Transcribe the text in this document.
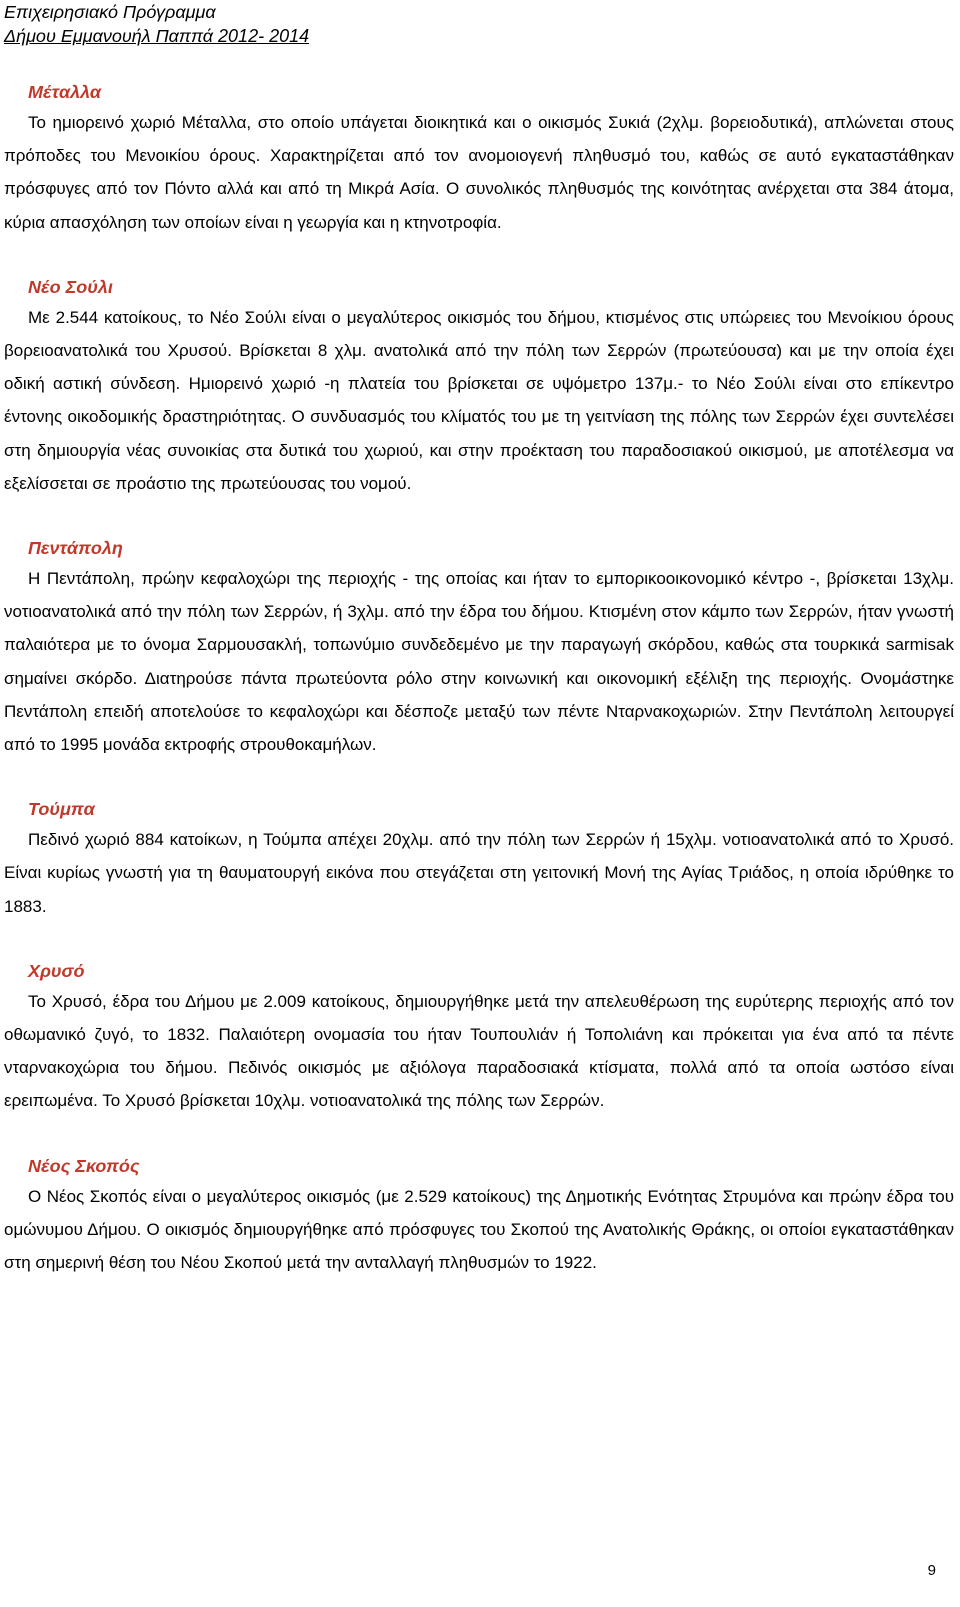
Επιχειρησιακό Πρόγραμμα
Δήμου Εμμανουήλ Παππά 2012- 2014

Μέταλλα

Το ημιορεινό χωριό Μέταλλα, στο οποίο υπάγεται διοικητικά και ο οικισμός Συκιά (2χλμ. βορειοδυτικά), απλώνεται στους πρόποδες του Μενοικίου όρους. Χαρακτηρίζεται από τον ανομοιογενή πληθυσμό του, καθώς σε αυτό εγκαταστάθηκαν πρόσφυγες από τον Πόντο αλλά και από τη Μικρά Ασία. Ο συνολικός πληθυσμός της κοινότητας ανέρχεται στα 384 άτομα, κύρια απασχόληση των οποίων είναι η γεωργία και η κτηνοτροφία.

Νέο Σούλι

Με 2.544 κατοίκους, το Νέο Σούλι είναι ο μεγαλύτερος οικισμός του δήμου, κτισμένος στις υπώρειες του Μενοίκιου όρους βορειοανατολικά του Χρυσού. Βρίσκεται 8 χλμ. ανατολικά από την πόλη των Σερρών (πρωτεύουσα) και με την οποία έχει οδική αστική σύνδεση. Ημιορεινό χωριό -η πλατεία του βρίσκεται σε υψόμετρο 137μ.- το Νέο Σούλι είναι στο επίκεντρο έντονης οικοδομικής δραστηριότητας. Ο συνδυασμός του κλίματός του με τη γειτνίαση της πόλης των Σερρών έχει συντελέσει στη δημιουργία νέας συνοικίας στα δυτικά του χωριού, και στην προέκταση του παραδοσιακού οικισμού, με αποτέλεσμα να εξελίσσεται σε προάστιο της πρωτεύουσας του νομού.

Πεντάπολη

Η Πεντάπολη, πρώην κεφαλοχώρι της περιοχής - της οποίας και ήταν το εμπορικοοικονομικό κέντρο -, βρίσκεται 13χλμ. νοτιοανατολικά από την πόλη των Σερρών, ή 3χλμ. από την έδρα του δήμου. Κτισμένη στον κάμπο των Σερρών, ήταν γνωστή παλαιότερα με το όνομα Σαρμουσακλή, τοπωνύμιο συνδεδεμένο με την παραγωγή σκόρδου, καθώς στα τουρκικά sarmisak σημαίνει σκόρδο. Διατηρούσε πάντα πρωτεύοντα ρόλο στην κοινωνική και οικονομική εξέλιξη της περιοχής. Ονομάστηκε Πεντάπολη επειδή αποτελούσε το κεφαλοχώρι και δέσποζε μεταξύ των πέντε Νταρνακοχωριών. Στην Πεντάπολη λειτουργεί από το 1995 μονάδα εκτροφής στρουθοκαμήλων.

Τούμπα

Πεδινό χωριό 884 κατοίκων, η Τούμπα απέχει 20χλμ. από την πόλη των Σερρών ή 15χλμ. νοτιοανατολικά από το Χρυσό. Είναι κυρίως γνωστή για τη θαυματουργή εικόνα που στεγάζεται στη γειτονική Μονή της Αγίας Τριάδος, η οποία ιδρύθηκε το 1883.

Χρυσό

Το Χρυσό, έδρα του Δήμου με 2.009 κατοίκους, δημιουργήθηκε μετά την απελευθέρωση της ευρύτερης περιοχής από τον οθωμανικό ζυγό, το 1832. Παλαιότερη ονομασία του ήταν Τουπουλιάν ή Τοπολιάνη και πρόκειται για ένα από τα πέντε νταρνακοχώρια του δήμου. Πεδινός οικισμός με αξιόλογα παραδοσιακά κτίσματα, πολλά από τα οποία ωστόσο είναι ερειπωμένα. Το Χρυσό βρίσκεται 10χλμ. νοτιοανατολικά της πόλης των Σερρών.

Νέος Σκοπός

Ο Νέος Σκοπός είναι ο μεγαλύτερος οικισμός (με 2.529 κατοίκους) της Δημοτικής Ενότητας Στρυμόνα και πρώην έδρα του ομώνυμου Δήμου. Ο οικισμός δημιουργήθηκε από πρόσφυγες του Σκοπού της Ανατολικής Θράκης, οι οποίοι εγκαταστάθηκαν στη σημερινή θέση του Νέου Σκοπού μετά την ανταλλαγή πληθυσμών το 1922.

9
